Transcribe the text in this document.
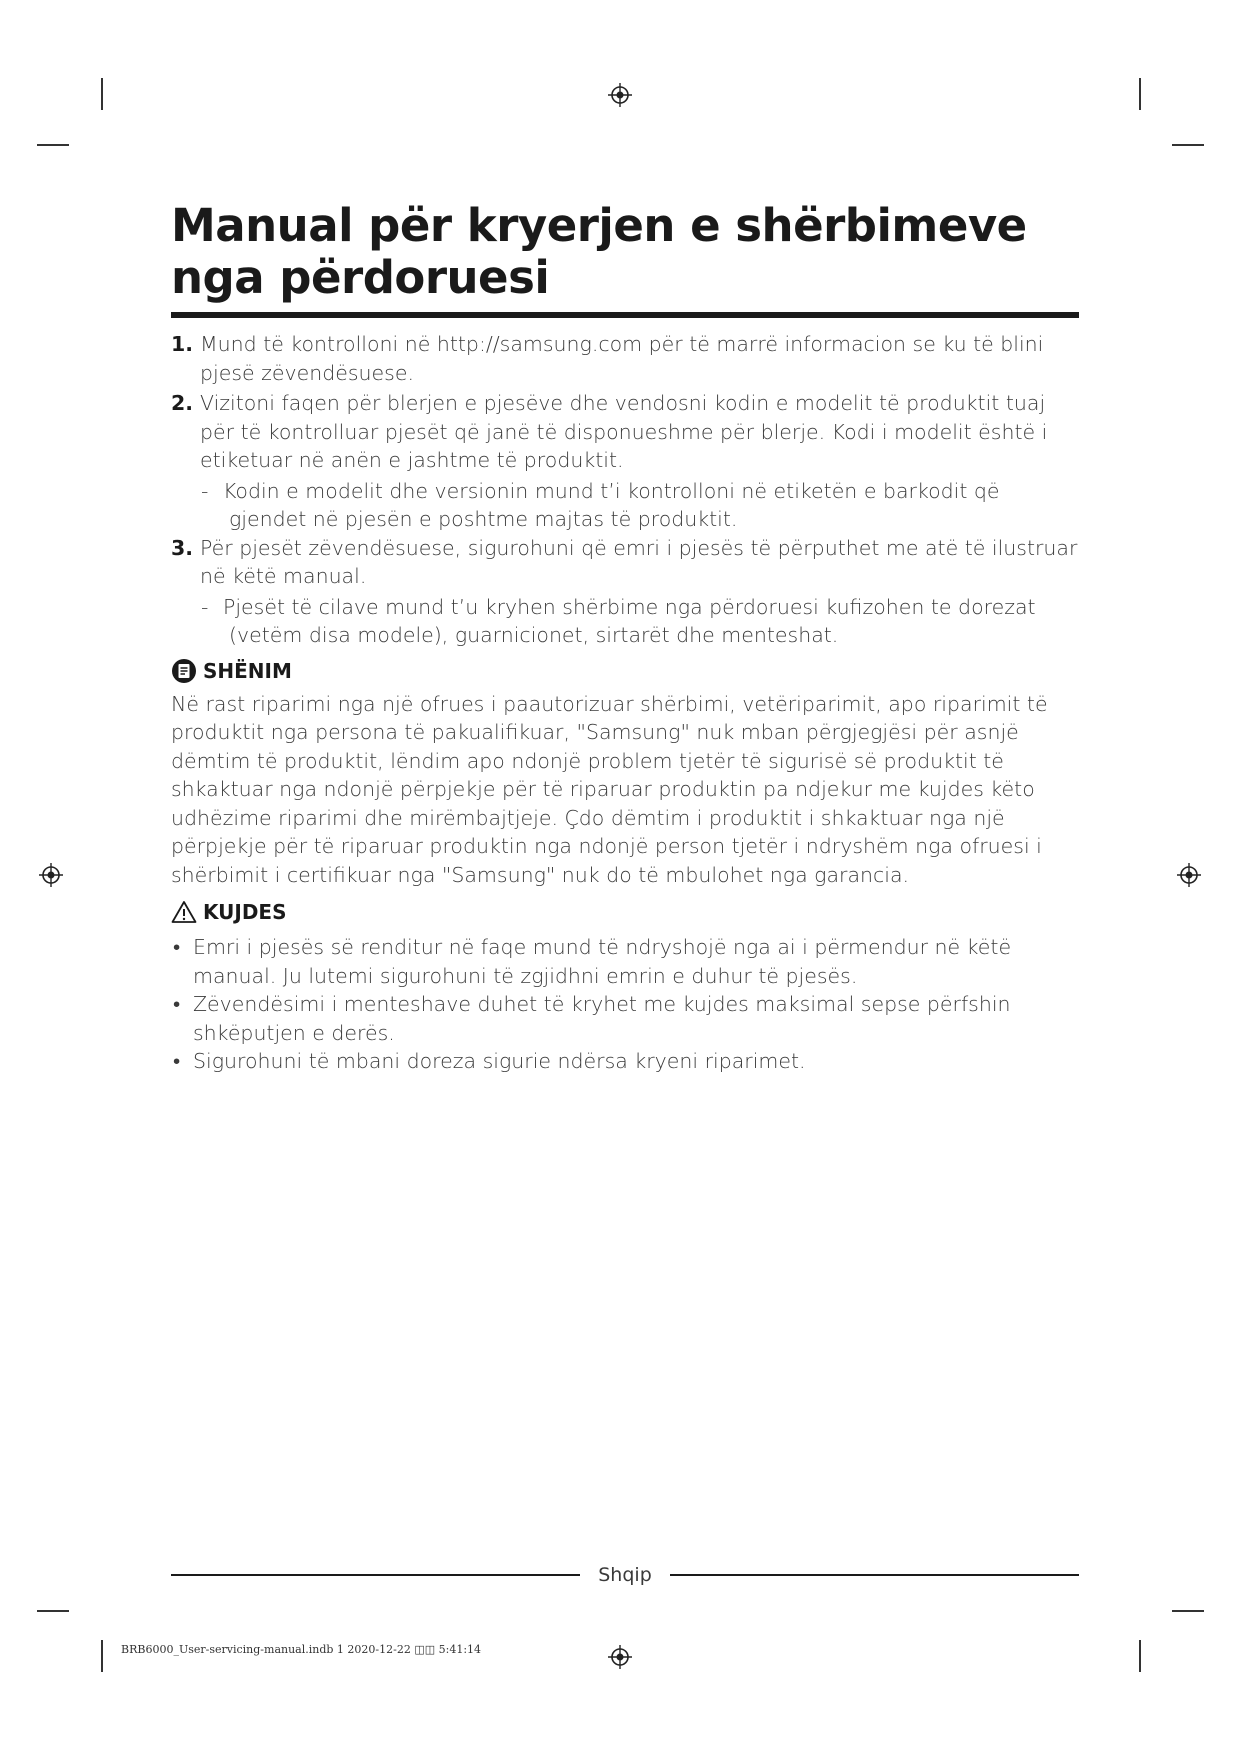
Manual për kryerjen e shërbimeve nga përdoruesi
1. Mund të kontrolloni në http://samsung.com për të marrë informacion se ku të blini pjesë zëvendësuese.
2. Vizitoni faqen për blerjen e pjesëve dhe vendosni kodin e modelit të produktit tuaj për të kontrolluar pjesët që janë të disponueshme për blerje. Kodi i modelit është i etiketuar në anën e jashtme të produktit.
- Kodin e modelit dhe versionin mund t’i kontrolloni në etiketën e barkodit që gjendet në pjesën e poshtme majtas të produktit.
3. Për pjesët zëvendësuese, sigurohuni që emri i pjesës të përputhet me atë të ilustruar në këtë manual.
- Pjesët të cilave mund t’u kryhen shërbime nga përdoruesi kufizohen te dorezat (vetëm disa modele), guarnicionet, sirtarët dhe menteshat.
SHËNIM

Në rast riparimi nga një ofrues i paautorizuar shërbimi, vetëriparimit, apo riparimit të produktit nga persona të pakualifikuar, "Samsung" nuk mban përgjegjësi për asnjë dëmtim të produktit, lëndim apo ndonjë problem tjetër të sigurisë së produktit të shkaktuar nga ndonjë përpjekje për të riparuar produktin pa ndjekur me kujdes këto udhëzime riparimi dhe mirëmbajtjeje. Çdo dëmtim i produktit i shkaktuar nga një përpjekje për të riparuar produktin nga ndonjë person tjetër i ndryshëm nga ofruesi i shërbimit i certifikuar nga "Samsung" nuk do të mbulohet nga garancia.

KUJDES
• Emri i pjesës së renditur në faqe mund të ndryshojë nga ai i përmendur në këtë manual. Ju lutemi sigurohuni të zgjidhni emrin e duhur të pjesës.
• Zëvendësimi i menteshave duhet të kryhet me kujdes maksimal sepse përfshin shkëputjen e derës.
• Sigurohuni të mbani doreza sigurie ndërsa kryeni riparimet.
Shqip
BRB6000_User-servicing-manual.indb 1 2020-12-22 ◫◫ 5:41:14
